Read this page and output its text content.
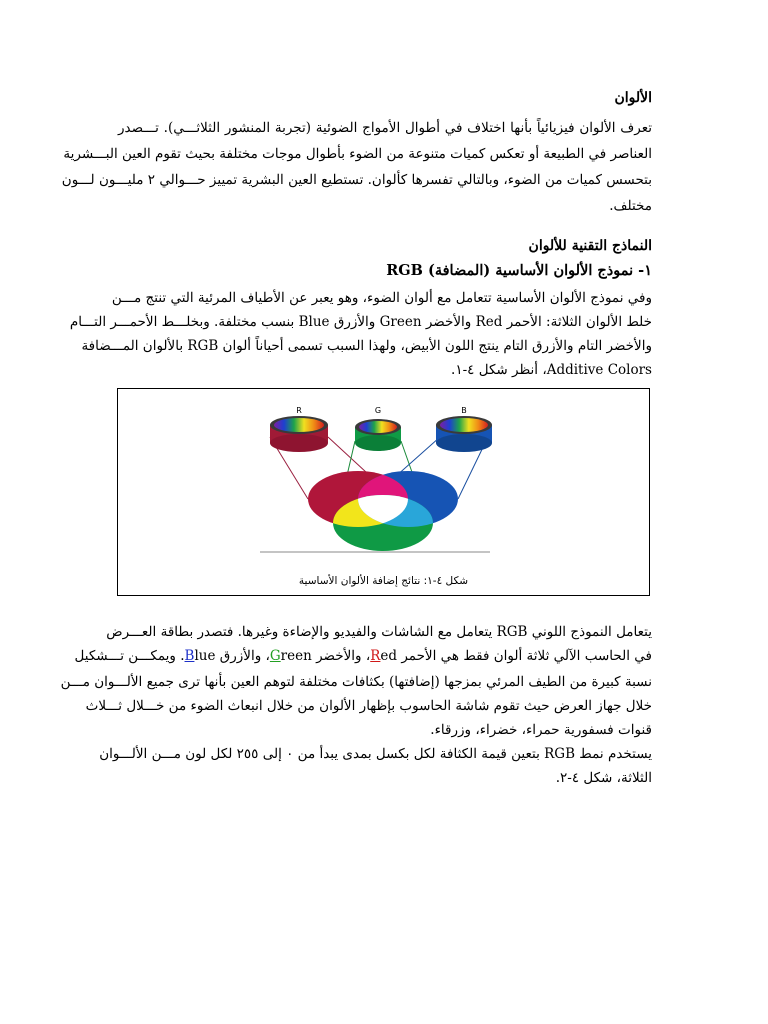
الألوان
تعرف الألوان فيزيائياً بأنها اختلاف في أطوال الأمواج الضوئية (تجربة المنشور الثلاثـــي). تـــصدر
العناصر في الطبيعة أو تعكس كميات متنوعة من الضوء بأطوال موجات مختلفة بحيث تقوم العين البـــشرية
بتحسس كميات من الضوء، وبالتالي تفسرها كألوان. تستطيع العين البشرية تمييز حـــوالي ٢ مليـــون لـــون
مختلف.
النماذج التقنية للألوان
١- نموذج الألوان الأساسية (المضافة) RGB
وفي نموذج الألوان الأساسية تتعامل مع ألوان الضوء، وهو يعبر عن الأطياف المرئية التي تنتج مـــن
خلط الألوان الثلاثة: الأحمر Red والأخضر Green والأزرق Blue بنسب مختلفة. وبخلـــط الأحمـــر التـــام
والأخضر التام والأزرق التام ينتج اللون الأبيض، ولهذا السبب تسمى أحياناً ألوان RGB بالألوان المـــضافة
Additive Colors، أنظر شكل ٤-١.
R	G	B
شكل ٤-١: نتائج إضافة الألوان الأساسية
يتعامل النموذج اللوني RGB يتعامل مع الشاشات والفيديو والإضاءة وغيرها. فتصدر بطاقة العـــرض
في الحاسب الآلي ثلاثة ألوان فقط هي الأحمر Red، والأخضر Green، والأزرق Blue. ويمكـــن تـــشكيل
نسبة كبيرة من الطيف المرئي بمزجها (إضافتها) بكثافات مختلفة لتوهم العين بأنها ترى جميع الألـــوان مـــن
خلال جهاز العرض حيث تقوم شاشة الحاسوب بإظهار الألوان من خلال انبعاث الضوء من خـــلال ثـــلاث
قنوات فسفورية حمراء، خضراء، وزرقاء.
يستخدم نمط RGB بتعين قيمة الكثافة لكل بكسل بمدى يبدأ من ٠ إلى ٢٥٥ لكل لون مـــن الألـــوان
الثلاثة، شكل ٤-٢.
